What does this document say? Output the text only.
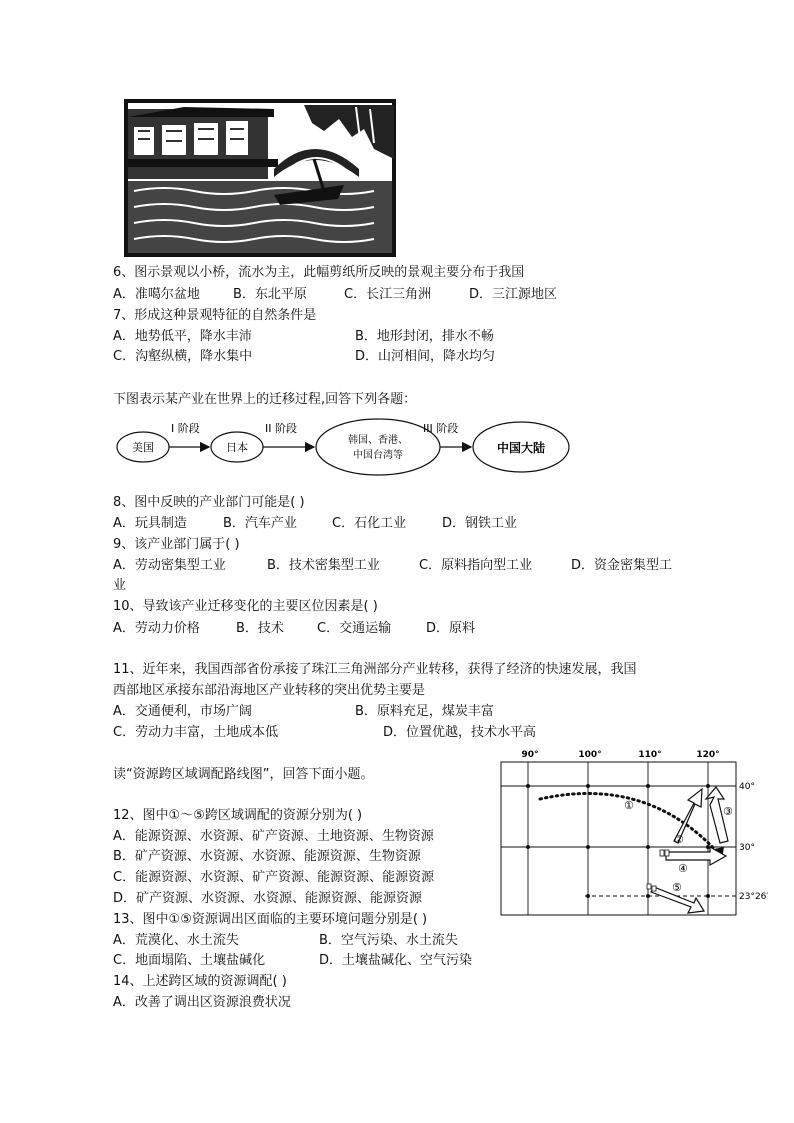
6、图示景观以小桥，流水为主，此幅剪纸所反映的景观主要分布于我国
A．准噶尔盆地	B．东北平原	C．长江三角洲	D．三江源地区
7、形成这种景观特征的自然条件是
A．地势低平，降水丰沛	B．地形封闭，排水不畅
C．沟壑纵横，降水集中	D．山河相间，降水均匀
下图表示某产业在世界上的迁移过程,回答下列各题：
I 阶段	II 阶段	III 阶段
美国	日本
韩国、香港、
中国台湾等
中国大陆
8、图中反映的产业部门可能是( )
A．玩具制造	B．汽车产业	C．石化工业	D．钢铁工业
9、该产业部门属于( )
A．劳动密集型工业	B．技术密集型工业	C．原料指向型工业	D．资金密集型工
业
10、导致该产业迁移变化的主要区位因素是( )
A．劳动力价格	B．技术	C．交通运输	D．原料
11、近年来，我国西部省份承接了珠江三角洲部分产业转移，获得了经济的快速发展，我国
西部地区承接东部沿海地区产业转移的突出优势主要是
A．交通便利，市场广阔	B．原料充足，煤炭丰富
C．劳动力丰富，土地成本低	D．位置优越，技术水平高
读“资源跨区域调配路线图”，回答下面小题。
90°	100°	110°	120°
40°
30°
23°26′
①
②
③
④
⑤
12、图中①～⑤跨区域调配的资源分别为( )
A．能源资源、水资源、矿产资源、土地资源、生物资源
B．矿产资源、水资源、水资源、能源资源、生物资源
C．能源资源、水资源、矿产资源、能源资源、能源资源
D．矿产资源、水资源、水资源、能源资源、能源资源
13、图中①⑤资源调出区面临的主要环境问题分别是( )
A．荒漠化、水土流失	B．空气污染、水土流失
C．地面塌陷、土壤盐碱化	D．土壤盐碱化、空气污染
14、上述跨区域的资源调配( )
A．改善了调出区资源浪费状况
